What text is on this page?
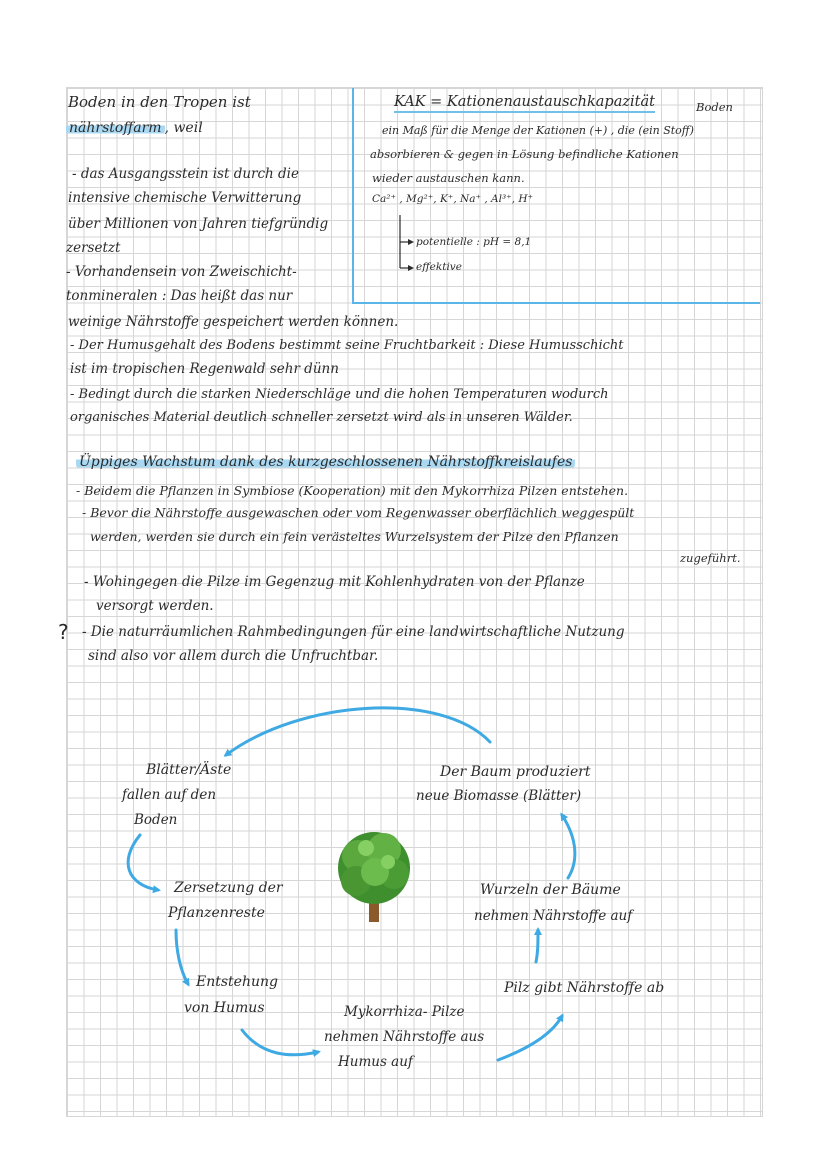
Boden in den Tropen ist
nährstoffarm , weil
- das Ausgangsstein ist durch die
intensive chemische Verwitterung
über Millionen von Jahren tiefgründig
zersetzt
- Vorhandensein von Zweischicht-
tonmineralen : Das heißt das nur
KAK = Kationenaustauschkapazität	Boden
ein Maß für die Menge der Kationen (+) , die (ein Stoff)
absorbieren & gegen in Lösung befindliche Kationen
wieder austauschen kann.
Ca²⁺ , Mg²⁺, K⁺, Na⁺ , Al³⁺, H⁺
potentielle : pH = 8,1
effektive
weinige Nährstoffe gespeichert werden können.
- Der Humusgehalt des Bodens bestimmt seine Fruchtbarkeit : Diese Humusschicht
ist im tropischen Regenwald sehr dünn
- Bedingt durch die starken Niederschläge und die hohen Temperaturen wodurch
organisches Material deutlich schneller zersetzt wird als in unseren Wälder.
Üppiges Wachstum dank des kurzgeschlossenen Nährstoffkreislaufes
- Beidem die Pflanzen in Symbiose (Kooperation) mit den Mykorrhiza Pilzen entstehen.
- Bevor die Nährstoffe ausgewaschen oder vom Regenwasser oberflächlich weggespült
werden, werden sie durch ein fein verästeltes Wurzelsystem der Pilze den Pflanzen
zugeführt.
- Wohingegen die Pilze im Gegenzug mit Kohlenhydraten von der Pflanze
versorgt werden.
? - Die naturräumlichen Rahmbedingungen für eine landwirtschaftliche Nutzung
sind also vor allem durch die Unfruchtbar.
Blätter/Äste
fallen auf den
Boden
Zersetzung der
Pflanzenreste
Entstehung
von Humus	Mykorrhiza- Pilze
nehmen Nährstoffe aus
Humus auf
Pilz gibt Nährstoffe ab
Wurzeln der Bäume
nehmen Nährstoffe auf
Der Baum produziert
neue Biomasse (Blätter)
